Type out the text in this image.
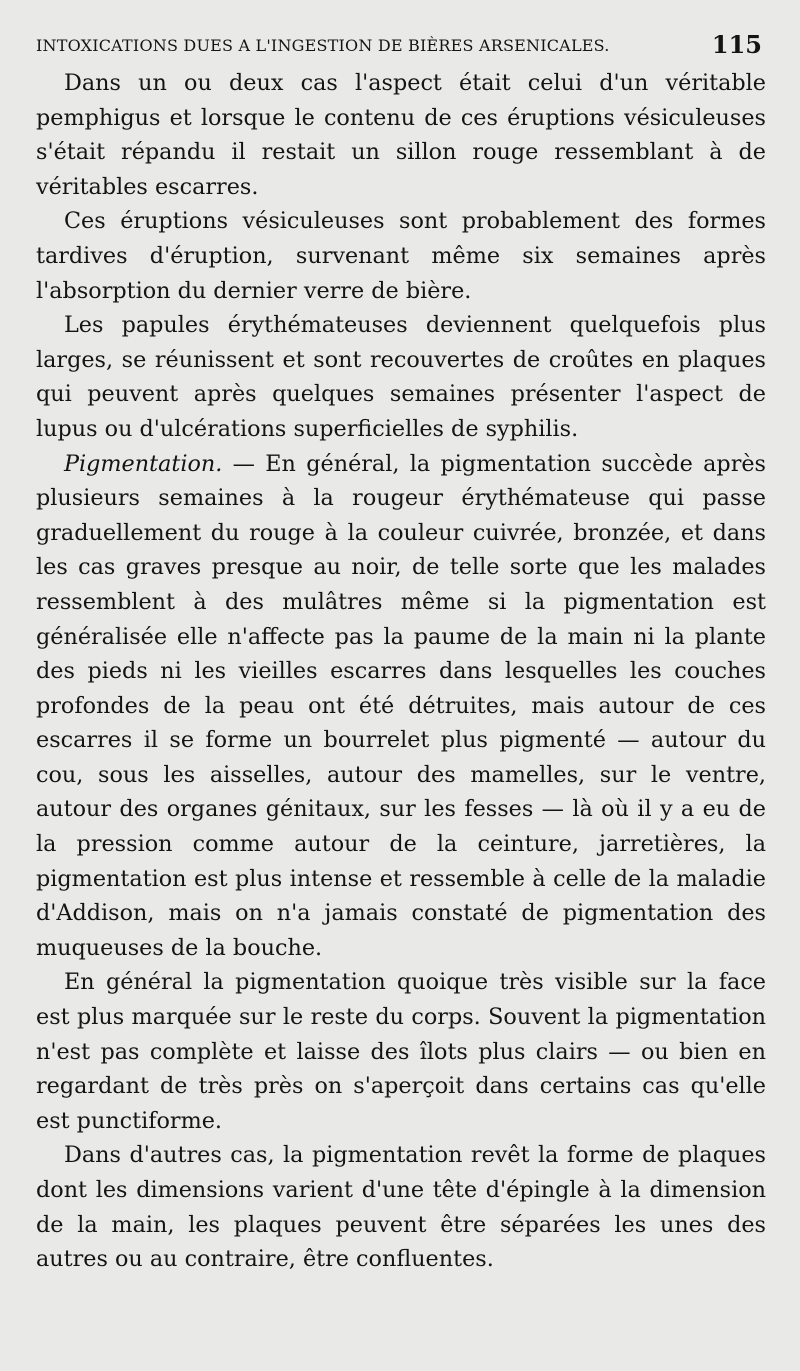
INTOXICATIONS DUES A L'INGESTION DE BIÈRES ARSENICALES.	115

Dans un ou deux cas l'aspect était celui d'un véritable pemphigus et lorsque le contenu de ces éruptions vésiculeuses s'était répandu il restait un sillon rouge ressemblant à de véritables escarres.

Ces éruptions vésiculeuses sont probablement des formes tardives d'éruption, survenant même six semaines après l'absorption du dernier verre de bière.

Les papules érythémateuses deviennent quelquefois plus larges, se réunissent et sont recouvertes de croûtes en plaques qui peuvent après quelques semaines présenter l'aspect de lupus ou d'ulcérations superficielles de syphilis.

Pigmentation. — En général, la pigmentation succède après plusieurs semaines à la rougeur érythémateuse qui passe graduellement du rouge à la couleur cuivrée, bronzée, et dans les cas graves presque au noir, de telle sorte que les malades ressemblent à des mulâtres même si la pigmentation est généralisée elle n'affecte pas la paume de la main ni la plante des pieds ni les vieilles escarres dans lesquelles les couches profondes de la peau ont été détruites, mais autour de ces escarres il se forme un bourrelet plus pigmenté — autour du cou, sous les aisselles, autour des mamelles, sur le ventre, autour des organes génitaux, sur les fesses — là où il y a eu de la pression comme autour de la ceinture, jarretières, la pigmentation est plus intense et ressemble à celle de la maladie d'Addison, mais on n'a jamais constaté de pigmentation des muqueuses de la bouche.

En général la pigmentation quoique très visible sur la face est plus marquée sur le reste du corps. Souvent la pigmentation n'est pas complète et laisse des îlots plus clairs — ou bien en regardant de très près on s'aperçoit dans certains cas qu'elle est punctiforme.

Dans d'autres cas, la pigmentation revêt la forme de plaques dont les dimensions varient d'une tête d'épingle à la dimension de la main, les plaques peuvent être séparées les unes des autres ou au contraire, être confluentes.
